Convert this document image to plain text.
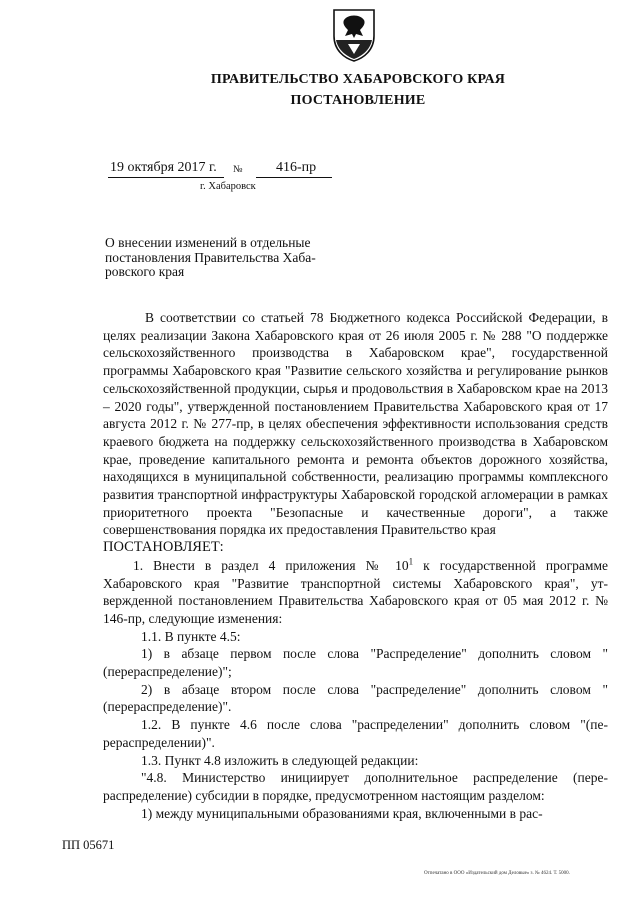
ПРАВИТЕЛЬСТВО ХАБАРОВСКОГО КРАЯ
ПОСТАНОВЛЕНИЕ
19 октября 2017 г. № 416-пр
г. Хабаровск
О внесении изменений в отдельные постановления Правительства Хабаровского края

В соответствии со статьей 78 Бюджетного кодекса Российской Федерации, в целях реализации Закона Хабаровского края от 26 июля 2005 г. № 288 "О поддержке сельскохозяйственного производства в Хабаровском крае", государственной программы Хабаровского края "Развитие сельского хозяйства и регулирование рынков сельскохозяйственной продукции, сырья и продовольствия в Хабаровском крае на 2013 – 2020 годы", утвержденной постановлением Правительства Хабаровского края от 17 августа 2012 г. № 277-пр, в целях обеспечения эффективности использования средств краевого бюджета на поддержку сельскохозяйственного производства в Хабаровском крае, проведение капитального ремонта и ремонта объектов дорожного хозяйства, находящихся в муниципальной собственности, реализацию программы комплексного развития транспортной инфраструктуры Хабаровской городской агломерации в рамках приоритетного проекта "Безопасные и качественные дороги", а также совершенствования порядка их предоставления Правительство края

ПОСТАНОВЛЯЕТ:

1. Внести в раздел 4 приложения № $10^1$ к государственной программе Хабаровского края "Развитие транспортной системы Хабаровского края", утвержденной постановлением Правительства Хабаровского края от 05 мая 2012 г. № 146-пр, следующие изменения:

1.1. В пункте 4.5:

1) в абзаце первом после слова "Распределение" дополнить словом "(перераспределение)";

2) в абзаце втором после слова "распределение" дополнить словом "(перераспределение)".

1.2. В пункте 4.6 после слова "распределении" дополнить словом "(перераспределении)".

1.3. Пункт 4.8 изложить в следующей редакции:

"4.8. Министерство инициирует дополнительное распределение (перераспределение) субсидии в порядке, предусмотренном настоящим разделом:

1) между муниципальными образованиями края, включенными в рас-

ПП 05671
Отпечатано в ООО «Издательский дом Деловые» з. № 4624. Т. 5000.
